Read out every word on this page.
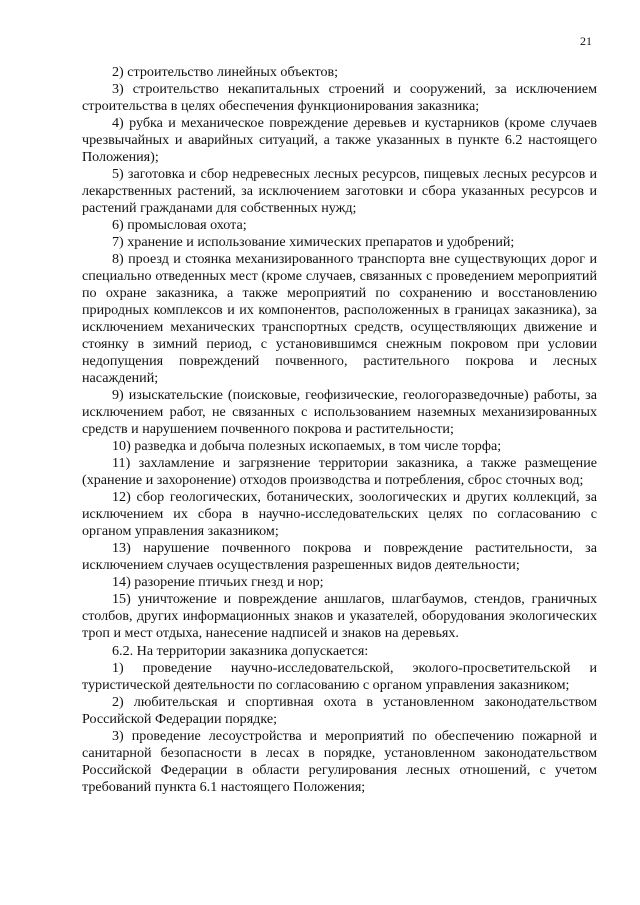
21

2) строительство линейных объектов;

3) строительство некапитальных строений и сооружений, за исключением строительства в целях обеспечения функционирования заказника;

4) рубка и механическое повреждение деревьев и кустарников (кроме случаев чрезвычайных и аварийных ситуаций, а также указанных в пункте 6.2 настоящего Положения);

5) заготовка и сбор недревесных лесных ресурсов, пищевых лесных ресурсов и лекарственных растений, за исключением заготовки и сбора указанных ресурсов и растений гражданами для собственных нужд;

6) промысловая охота;

7) хранение и использование химических препаратов и удобрений;

8) проезд и стоянка механизированного транспорта вне существующих дорог и специально отведенных мест (кроме случаев, связанных с проведением мероприятий по охране заказника, а также мероприятий по сохранению и восстановлению природных комплексов и их компонентов, расположенных в границах заказника), за исключением механических транспортных средств, осуществляющих движение и стоянку в зимний период, с установившимся снежным покровом при условии недопущения повреждений почвенного, растительного покрова и лесных насаждений;

9) изыскательские (поисковые, геофизические, геологоразведочные) работы, за исключением работ, не связанных с использованием наземных механизированных средств и нарушением почвенного покрова и растительности;

10) разведка и добыча полезных ископаемых, в том числе торфа;

11) захламление и загрязнение территории заказника, а также размещение (хранение и захоронение) отходов производства и потребления, сброс сточных вод;

12) сбор геологических, ботанических, зоологических и других коллекций, за исключением их сбора в научно-исследовательских целях по согласованию с органом управления заказником;

13) нарушение почвенного покрова и повреждение растительности, за исключением случаев осуществления разрешенных видов деятельности;

14) разорение птичьих гнезд и нор;

15) уничтожение и повреждение аншлагов, шлагбаумов, стендов, граничных столбов, других информационных знаков и указателей, оборудования экологических троп и мест отдыха, нанесение надписей и знаков на деревьях.

6.2. На территории заказника допускается:

1) проведение научно-исследовательской, эколого-просветительской и туристической деятельности по согласованию с органом управления заказником;

2) любительская и спортивная охота в установленном законодательством Российской Федерации порядке;

3) проведение лесоустройства и мероприятий по обеспечению пожарной и санитарной безопасности в лесах в порядке, установленном законодательством Российской Федерации в области регулирования лесных отношений, с учетом требований пункта 6.1 настоящего Положения;
